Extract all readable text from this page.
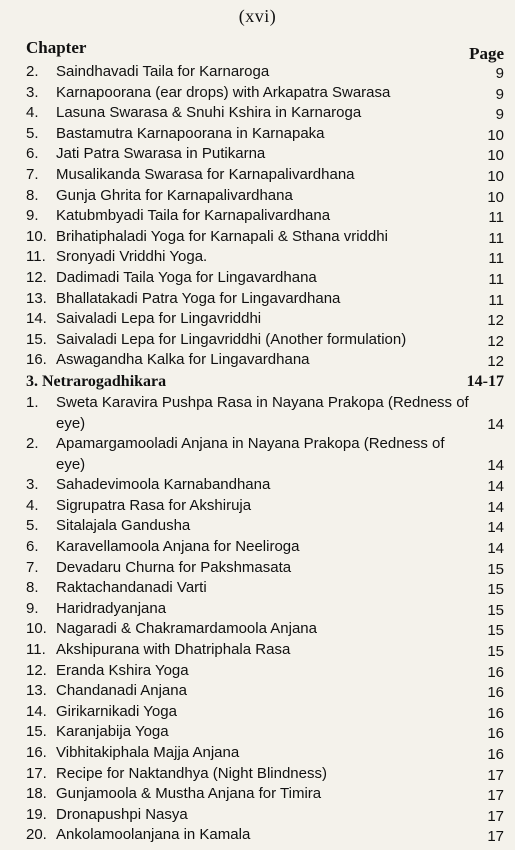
(xvi)
Chapter	Page
2.	Saindhavadi Taila for Karnaroga	9
3.	Karnapoorana (ear drops) with Arkapatra Swarasa	9
4.	Lasuna Swarasa & Snuhi Kshira in Karnaroga	9
5.	Bastamutra Karnapoorana in Karnapaka	10
6.	Jati Patra Swarasa in Putikarna	10
7.	Musalikanda Swarasa for Karnapalivardhana	10
8.	Gunja Ghrita for Karnapalivardhana	10
9.	Katubmbyadi Taila for Karnapalivardhana	11
10. Brihatiphaladi Yoga for Karnapali & Sthana vriddhi	11
11. Sronyadi Vriddhi Yoga.	11
12. Dadimadi Taila Yoga for Lingavardhana	11
13. Bhallatakadi Patra Yoga for Lingavardhana	11
14. Saivaladi Lepa for Lingavriddhi	12
15. Saivaladi Lepa for Lingavriddhi (Another formulation)	12
16. Aswagandha Kalka for Lingavardhana	12
3. Netrarogadhikara	14-17
1.	Sweta Karavira Pushpa Rasa in Nayana Prakopa (Redness of eye)	14
2.	Apamargamooladi Anjana in Nayana Prakopa (Redness of eye)	14
3.	Sahadevimoola Karnabandhana	14
4.	Sigrupatra Rasa for Akshiruja	14
5.	Sitalajala Gandusha	14
6.	Karavellamoola Anjana for Neeliroga	14
7.	Devadaru Churna for Pakshmasata	15
8.	Raktachandanadi Varti	15
9.	Haridradyanjana	15
10. Nagaradi & Chakramardamoola Anjana	15
11. Akshipurana with Dhatriphala Rasa	15
12. Eranda Kshira Yoga	16
13. Chandanadi Anjana	16
14. Girikarnikadi Yoga	16
15. Karanjabija Yoga	16
16. Vibhitakiphala Majja Anjana	16
17. Recipe for Naktandhya (Night Blindness)	17
18. Gunjamoola & Mustha Anjana for Timira	17
19. Dronapushpi Nasya	17
20. Ankolamoolanjana in Kamala	17
